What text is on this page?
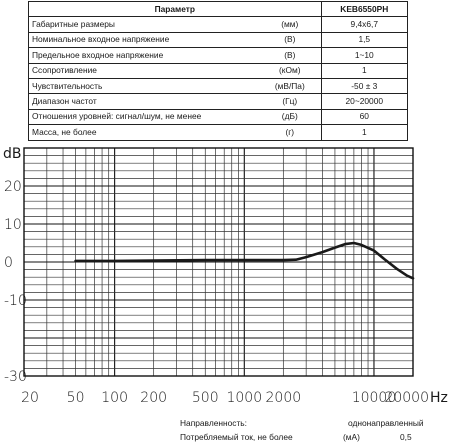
Параметр		KEB6550PH
Габаритные размеры	(мм)	9,4x6,7
Номинальное входное напряжение	(В)	1,5
Предельное входное напряжение	(В)	1~10
Ссопротивление	(кОм)	1
Чувствительность	(мВ/Па)	-50 ± 3
Диапазон частот	(Гц)	20~20000
Отношения уровней: сигнал/шум, не менее	(дБ)	60
Масса, не более	(г)	1
20
10
0
-10
-30
dB
20 50 100 200 500 1000 2000	10000
20000 Hz
Направленность:	однонаправленный
Потребляемый ток, не более	(мА)	0,5
